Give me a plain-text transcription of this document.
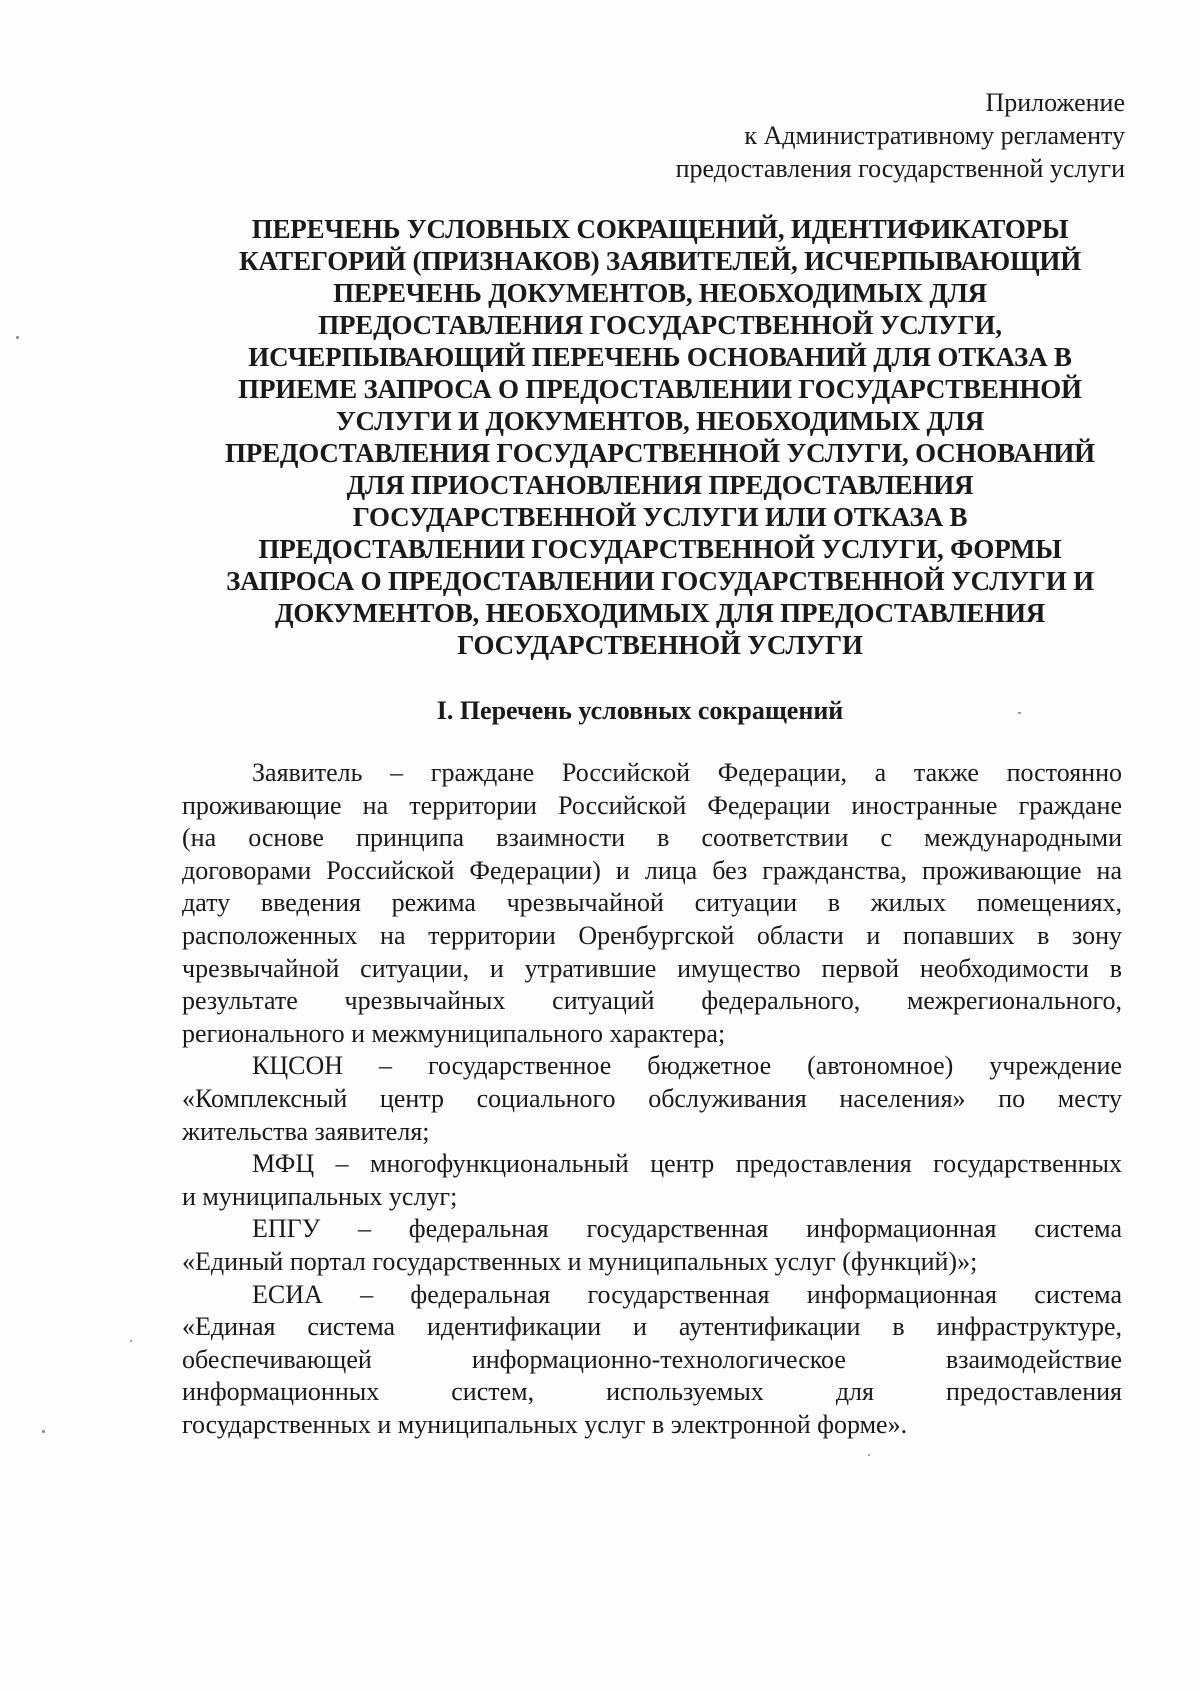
Приложение
к Административному регламенту
предоставления государственной услуги
ПЕРЕЧЕНЬ УСЛОВНЫХ СОКРАЩЕНИЙ, ИДЕНТИФИКАТОРЫ
КАТЕГОРИЙ (ПРИЗНАКОВ) ЗАЯВИТЕЛЕЙ, ИСЧЕРПЫВАЮЩИЙ
ПЕРЕЧЕНЬ ДОКУМЕНТОВ, НЕОБХОДИМЫХ ДЛЯ
ПРЕДОСТАВЛЕНИЯ ГОСУДАРСТВЕННОЙ УСЛУГИ,
ИСЧЕРПЫВАЮЩИЙ ПЕРЕЧЕНЬ ОСНОВАНИЙ ДЛЯ ОТКАЗА В
ПРИЕМЕ ЗАПРОСА О ПРЕДОСТАВЛЕНИИ ГОСУДАРСТВЕННОЙ
УСЛУГИ И ДОКУМЕНТОВ, НЕОБХОДИМЫХ ДЛЯ
ПРЕДОСТАВЛЕНИЯ ГОСУДАРСТВЕННОЙ УСЛУГИ, ОСНОВАНИЙ
ДЛЯ ПРИОСТАНОВЛЕНИЯ ПРЕДОСТАВЛЕНИЯ
ГОСУДАРСТВЕННОЙ УСЛУГИ ИЛИ ОТКАЗА В
ПРЕДОСТАВЛЕНИИ ГОСУДАРСТВЕННОЙ УСЛУГИ, ФОРМЫ
ЗАПРОСА О ПРЕДОСТАВЛЕНИИ ГОСУДАРСТВЕННОЙ УСЛУГИ И
ДОКУМЕНТОВ, НЕОБХОДИМЫХ ДЛЯ ПРЕДОСТАВЛЕНИЯ
ГОСУДАРСТВЕННОЙ УСЛУГИ
I. Перечень условных сокращений
Заявитель – граждане Российской Федерации, а также постоянно
проживающие на территории Российской Федерации иностранные граждане
(на основе принципа взаимности в соответствии с международными
договорами Российской Федерации) и лица без гражданства, проживающие на
дату введения режима чрезвычайной ситуации в жилых помещениях,
расположенных на территории Оренбургской области и попавших в зону
чрезвычайной ситуации, и утратившие имущество первой необходимости в
результате чрезвычайных ситуаций федерального, межрегионального,
регионального и межмуниципального характера;
КЦСОН – государственное бюджетное (автономное) учреждение
«Комплексный центр социального обслуживания населения» по месту
жительства заявителя;
МФЦ – многофункциональный центр предоставления государственных
и муниципальных услуг;
ЕПГУ – федеральная государственная информационная система
«Единый портал государственных и муниципальных услуг (функций)»;
ЕСИА – федеральная государственная информационная система
«Единая система идентификации и аутентификации в инфраструктуре,
обеспечивающей информационно-технологическое взаимодействие
информационных систем, используемых для предоставления
государственных и муниципальных услуг в электронной форме».
